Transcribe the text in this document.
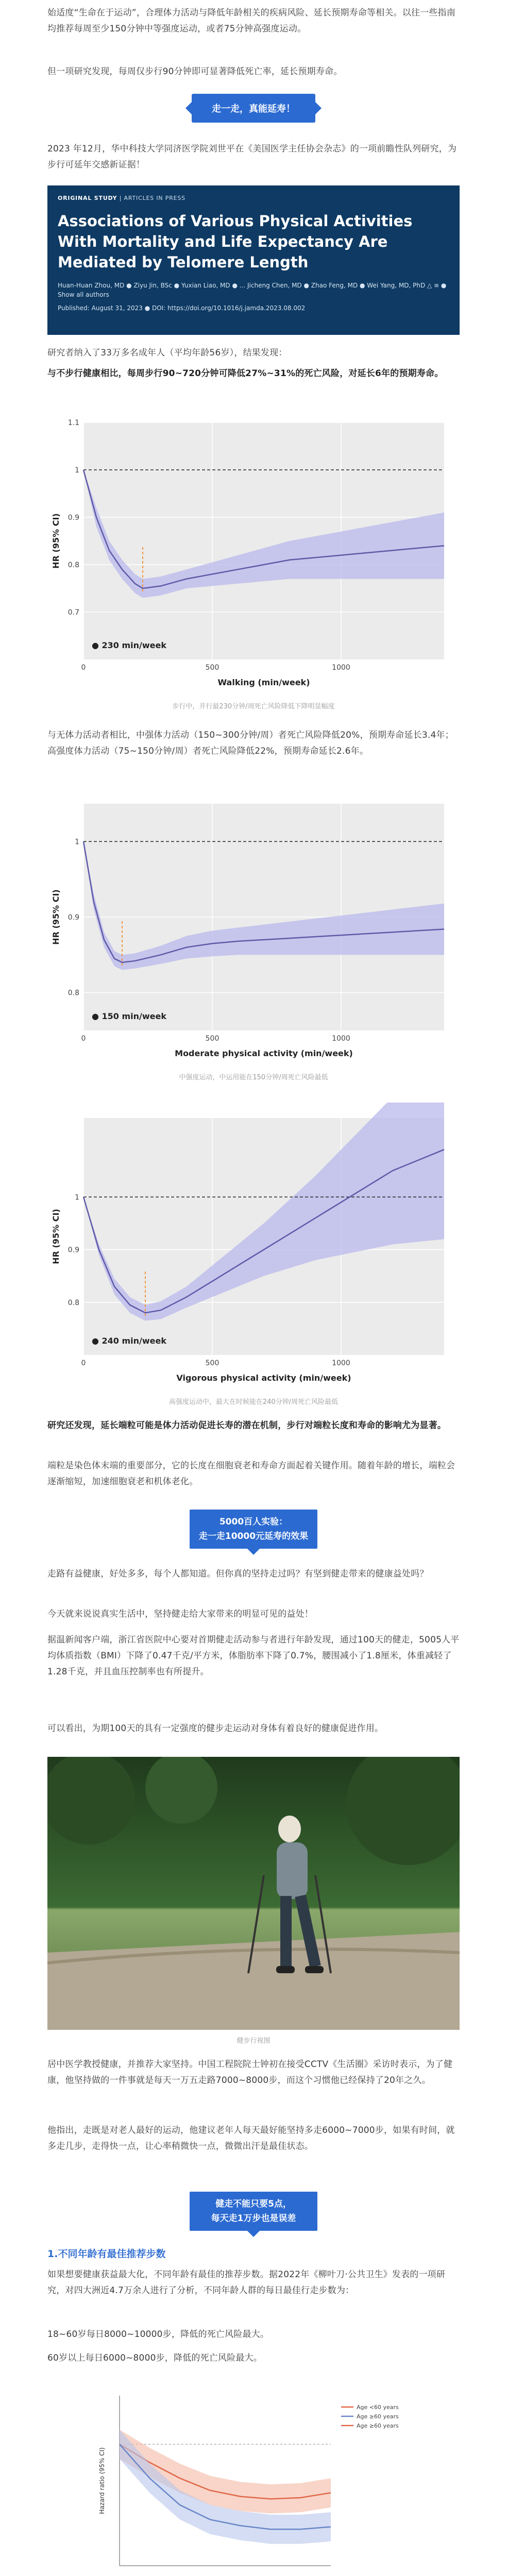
始适度“生命在于运动”，合理体力活动与降低年龄相关的疾病风险、延长预期寿命等相关。以往一些指南均推荐每周至少150分钟中等强度运动，或者75分钟高强度运动。

但一项研究发现，每周仅步行90分钟即可显著降低死亡率，延长预期寿命。

走一走，真能延寿！

2023 年12月，华中科技大学同济医学院刘世平在《美国医学主任协会杂志》的一项前瞻性队列研究，为步行可延年交感新证据！

ORIGINAL STUDY | ARTICLES IN PRESS
Associations of Various Physical Activities With Mortality and Life Expectancy Are Mediated by Telomere Length
Huan-Huan Zhou, MD ● Ziyu Jin, BSc ● Yuxian Liao, MD ● ... Jicheng Chen, MD ● Zhao Feng, MD ● Wei Yang, MD, PhD △ ≡ ● Show all authors
Published: August 31, 2023 ● DOI: https://doi.org/10.1016/j.jamda.2023.08.002

研究者纳入了33万多名成年人（平均年龄56岁），结果发现：

与不步行健康相比，每周步行90~720分钟可降低27%~31%的死亡风险，对延长6年的预期寿命。

0.7
0.8
0.9
1
1.1
0	500	1000
● 230 min/week
Walking (min/week)
HR (95% CI)
步行中，并行最230分钟/周死亡风险降低下降明显幅度

与无体力活动者相比，中强体力活动（150~300分钟/周）者死亡风险降低20%，预期寿命延长3.4年；高强度体力活动（75~150分钟/周）者死亡风险降低22%，预期寿命延长2.6年。

0.8
0.9
1
0	500	1000
● 150 min/week
Moderate physical activity (min/week)
HR (95% CI)
中强度运动，中运用能在150分钟/周死亡风险最低
0.8
0.9
1
0	500	1000
● 240 min/week
Vigorous physical activity (min/week)
HR (95% CI)
高强度运动中，最大在时候能在240分钟/周死亡风险最低

研究还发现，延长端粒可能是体力活动促进长寿的潜在机制，步行对端粒长度和寿命的影响尤为显著。

端粒是染色体末端的重要部分，它的长度在细胞衰老和寿命方面起着关键作用。随着年龄的增长，端粒会逐渐缩短，加速细胞衰老和机体老化。

5000百人实验：
走一走10000元延寿的效果

走路有益健康，好处多多，每个人都知道。但你真的坚持走过吗？有坚到健走带来的健康益处吗？

今天就来说说真实生活中，坚持健走给大家带来的明显可见的益处！

据温新闻客户端，浙江省医院中心要对首期健走活动参与者进行年龄发现，通过100天的健走，5005人平均体质指数（BMI）下降了0.47千克/平方米，体脂肪率下降了0.7%，腰围减小了1.8厘米，体重减轻了1.28千克，并且血压控制率也有所提升。

可以看出，为期100天的具有一定强度的健步走运动对身体有着良好的健康促进作用。

健步行视图

居中医学教授健康，并推荐大家坚持。中国工程院院士钟初在接受CCTV《生活圈》采访时表示，为了健康，他坚持做的一件事就是每天一万五走路7000~8000步，而这个习惯他已经保持了20年之久。

他指出，走既是对老人最好的运动，他建议老年人每天最好能坚持多走6000~7000步，如果有时间，就多走几步，走得快一点，让心率稍微快一点，微微出汗是最佳状态。

健走不能只要5点，
每天走1万步也是误差
1.不同年龄有最佳推荐步数

如果想要健康获益最大化，不同年龄有最佳的推荐步数。据2022年《柳叶刀·公共卫生》发表的一项研究，对四大洲近4.7万余人进行了分析，不同年龄人群的每日最佳行走步数为：

18~60岁每日8000~10000步，降低的死亡风险最大。

60岁以上每日6000~8000步，降低的死亡风险最大。

Age <60 years
Age ≥60 years
Age ≥60 years
Hazard ratio (95% CI)
